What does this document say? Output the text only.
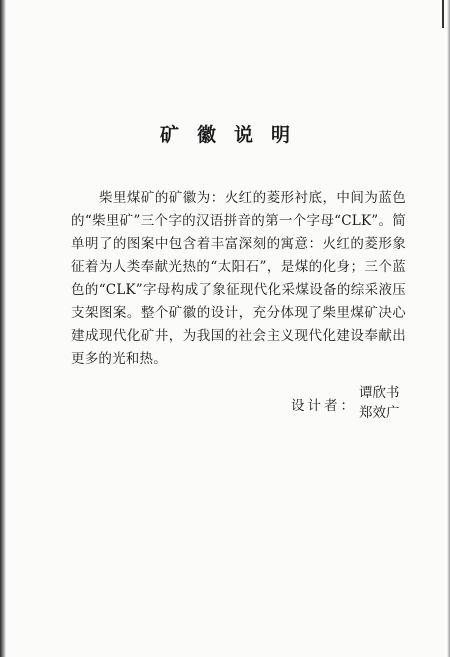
矿徽说明

柴里煤矿的矿徽为：火红的菱形衬底，中间为蓝色的“柴里矿”三个字的汉语拼音的第一个字母“CLK”。简单明了的图案中包含着丰富深刻的寓意：火红的菱形象征着为人类奉献光热的“太阳石”，是煤的化身；三个蓝色的“CLK”字母构成了象征现代化采煤设备的综采液压支架图案。整个矿徽的设计，充分体现了柴里煤矿决心建成现代化矿井，为我国的社会主义现代化建设奉献出更多的光和热。

设计者：
谭欣书
郑效广
